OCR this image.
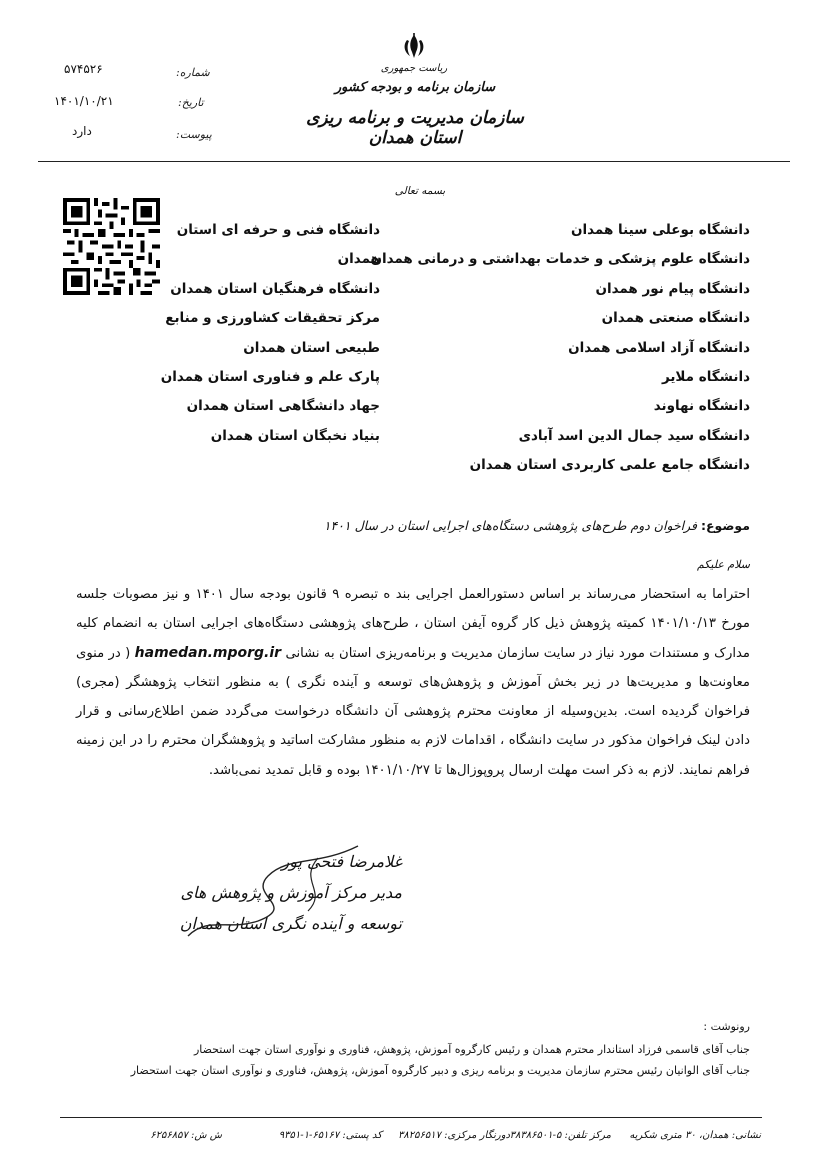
شماره:
۵۷۴۵۲۶
تاریخ:
۱۴۰۱/۱۰/۲۱
پیوست:
دارد
ریاست جمهوری
سازمان برنامه و بودجه کشور
سازمان مدیریت و برنامه ریزی استان همدان
بسمه تعالی
دانشگاه بوعلی سینا همدان
دانشگاه علوم پزشکی و خدمات بهداشتی و درمانی همدان
دانشگاه پیام نور همدان
دانشگاه صنعتی همدان
دانشگاه آزاد اسلامی همدان
دانشگاه ملایر
دانشگاه نهاوند
دانشگاه سید جمال الدین اسد آبادی
دانشگاه جامع علمی کاربردی استان همدان
دانشگاه فنی و حرفه ای استان
همدان
دانشگاه فرهنگیان استان همدان
مرکز تحقیقات کشاورزی و منابع
طبیعی استان همدان
پارک علم و فناوری استان همدان
جهاد دانشگاهی استان همدان
بنیاد نخبگان استان همدان
موضوع: فراخوان دوم طرح‌های پژوهشی دستگاه‌های اجرایی استان در سال ۱۴۰۱
سلام علیکم
احتراما به استحضار می‌رساند بر اساس دستورالعمل اجرایی بند ه تبصره ۹ قانون بودجه سال ۱۴۰۱ و نیز مصوبات جلسه مورخ ۱۴۰۱/۱۰/۱۳ کمیته پژوهش ذیل کار گروه آیفن استان ، طرح‌های پژوهشی دستگاه‌های اجرایی استان به انضمام کلیه مدارک و مستندات مورد نیاز در سایت سازمان مدیریت و برنامه‌ریزی استان به نشانی hamedan.mporg.ir ( در منوی معاونت‌ها و مدیریت‌ها در زیر بخش آموزش و پژوهش‌های توسعه و آینده نگری ) به منظور انتخاب پژوهشگر (مجری) فراخوان گردیده است. بدین‌وسیله از معاونت محترم پژوهشی آن دانشگاه درخواست می‌گردد ضمن اطلاع‌رسانی و قرار دادن لینک فراخوان مذکور در سایت دانشگاه ، اقدامات لازم به منظور مشارکت اساتید و پژوهشگران محترم را در این زمینه فراهم نمایند. لازم به ذکر است مهلت ارسال پروپوزال‌ها تا ۱۴۰۱/۱۰/۲۷ بوده و قابل تمدید نمی‌باشد.
غلامرضا فتحی پور
مدیر مرکز آموزش و پژوهش های
توسعه و آینده نگری استان همدان
رونوشت :
جناب آقای قاسمی فرزاد استاندار محترم همدان و رئیس کارگروه آموزش، پژوهش، فناوری و نوآوری استان جهت استحضار
جناب آقای الوانیان رئیس محترم سازمان مدیریت و برنامه ریزی و دبیر کارگروه آموزش، پژوهش، فناوری و نوآوری استان جهت استحضار
نشانی: همدان، ۳۰ متری شکریه
مرکز تلفن: ۵-۳۸۳۸۶۵۰۱
دورنگار مرکزی: ۳۸۲۵۶۵۱۷
کد پستی: ۶۵۱۶۷-۱-۹۳۵۱
ش ش: ۶۲۵۶۸۵۷
